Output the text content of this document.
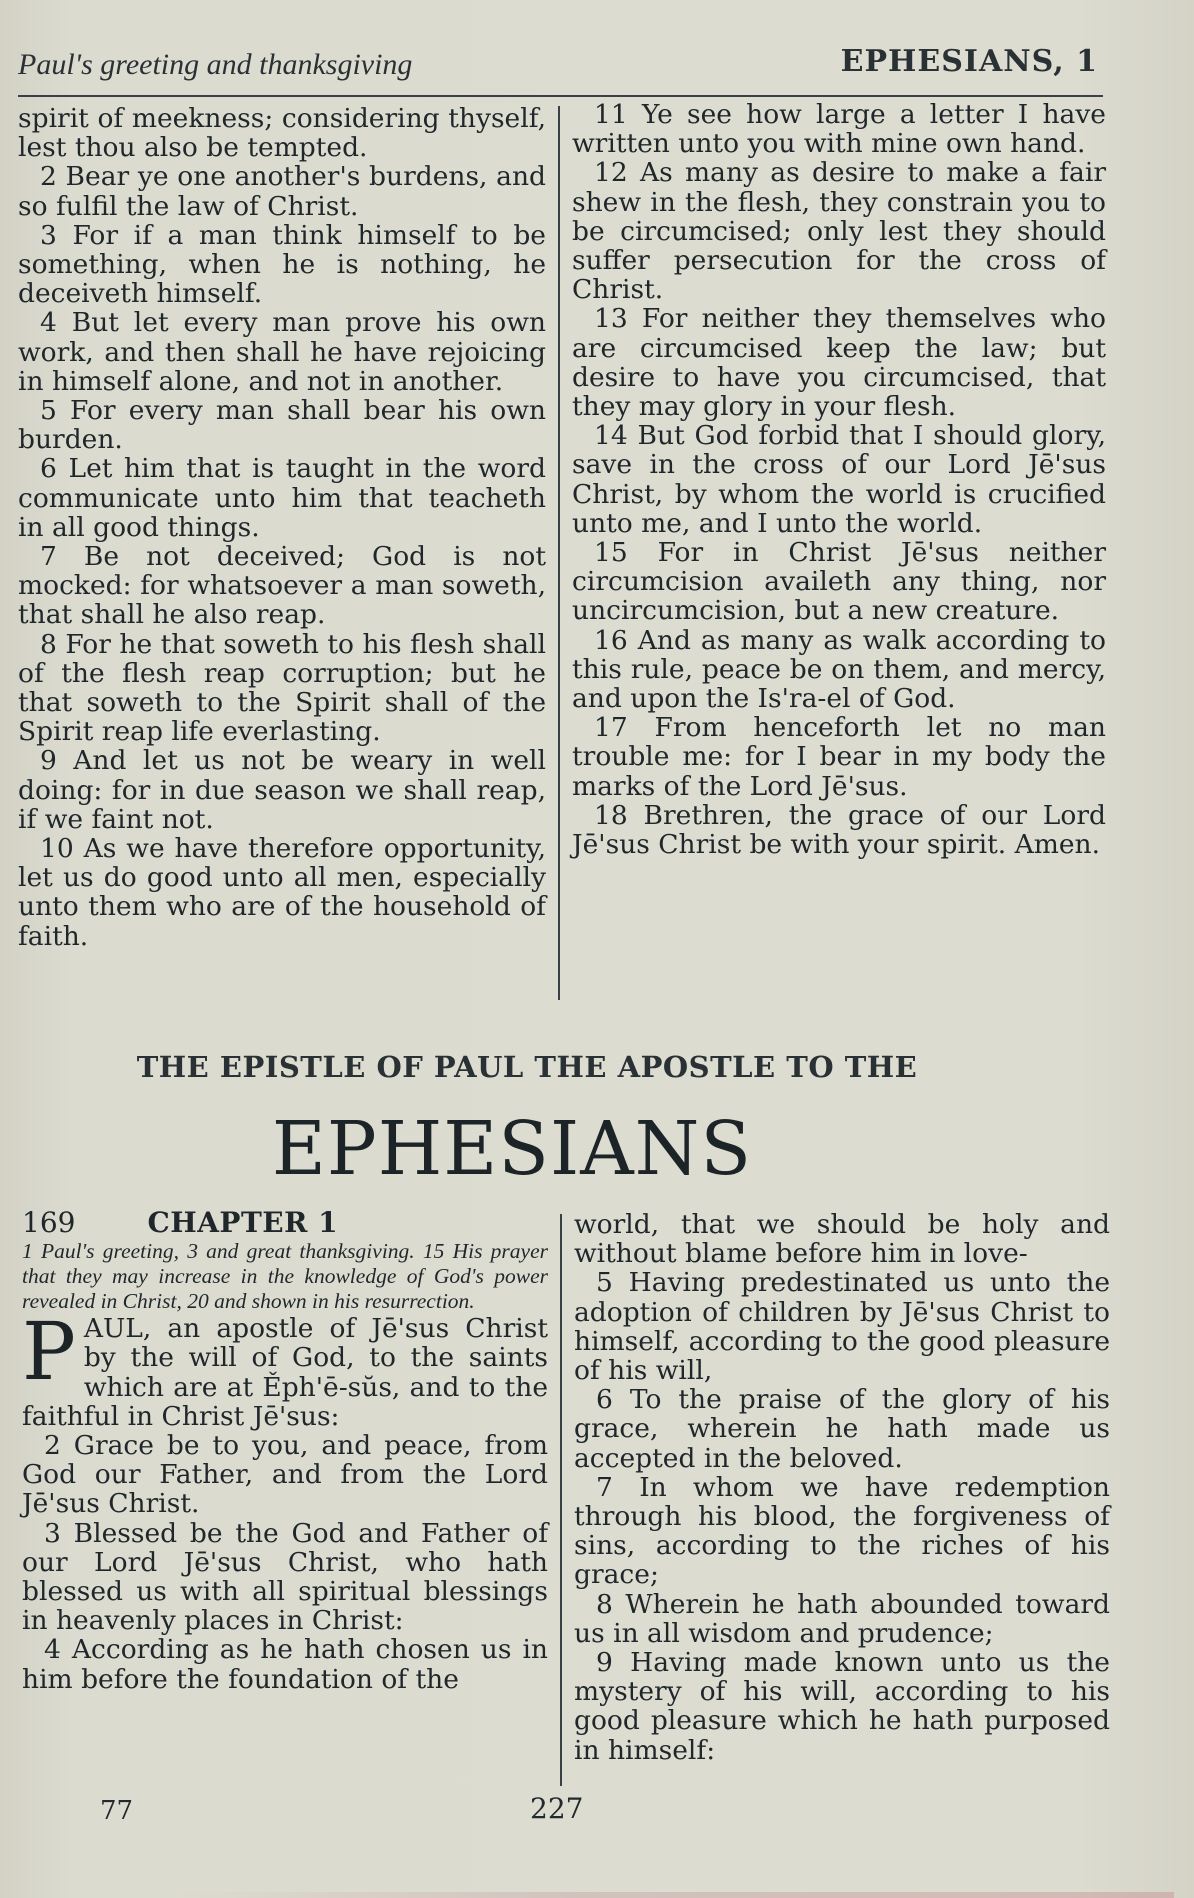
Paul's greeting and thanksgiving	EPHESIANS, 1

spirit of meekness; considering thyself, lest thou also be tempted.

2 Bear ye one another's burdens, and so fulfil the law of Christ.

3 For if a man think himself to be something, when he is nothing, he deceiveth himself.

4 But let every man prove his own work, and then shall he have rejoicing in himself alone, and not in another.

5 For every man shall bear his own burden.

6 Let him that is taught in the word communicate unto him that teacheth in all good things.

7 Be not deceived; God is not mocked: for whatsoever a man soweth, that shall he also reap.

8 For he that soweth to his flesh shall of the flesh reap corruption; but he that soweth to the Spirit shall of the Spirit reap life everlasting.

9 And let us not be weary in well doing: for in due season we shall reap, if we faint not.

10 As we have therefore opportunity, let us do good unto all men, especially unto them who are of the household of faith.

11 Ye see how large a letter I have written unto you with mine own hand.

12 As many as desire to make a fair shew in the flesh, they constrain you to be circumcised; only lest they should suffer persecution for the cross of Christ.

13 For neither they themselves who are circumcised keep the law; but desire to have you circumcised, that they may glory in your flesh.

14 But God forbid that I should glory, save in the cross of our Lord Jē'sus Christ, by whom the world is crucified unto me, and I unto the world.

15 For in Christ Jē'sus neither circumcision availeth any thing, nor uncircumcision, but a new creature.

16 And as many as walk according to this rule, peace be on them, and mercy, and upon the Is'ra-el of God.

17 From henceforth let no man trouble me: for I bear in my body the marks of the Lord Jē'sus.

18 Brethren, the grace of our Lord Jē'sus Christ be with your spirit. Amen.

THE EPISTLE OF PAUL THE APOSTLE TO THE
EPHESIANS
169	CHAPTER 1

1 Paul's greeting, 3 and great thanksgiving. 15 His prayer that they may increase in the knowledge of God's power revealed in Christ, 20 and shown in his resurrection.

PAUL, an apostle of Jē'sus Christ by the will of God, to the saints which are at Ěph'ē-sŭs, and to the faithful in Christ Jē'sus:

2 Grace be to you, and peace, from God our Father, and from the Lord Jē'sus Christ.

3 Blessed be the God and Father of our Lord Jē'sus Christ, who hath blessed us with all spiritual blessings in heavenly places in Christ:

4 According as he hath chosen us in him before the foundation of the

world, that we should be holy and without blame before him in love-

5 Having predestinated us unto the adoption of children by Jē'sus Christ to himself, according to the good pleasure of his will,

6 To the praise of the glory of his grace, wherein he hath made us accepted in the beloved.

7 In whom we have redemption through his blood, the forgiveness of sins, according to the riches of his grace;

8 Wherein he hath abounded toward us in all wisdom and prudence;

9 Having made known unto us the mystery of his will, according to his good pleasure which he hath purposed in himself:

77	227
